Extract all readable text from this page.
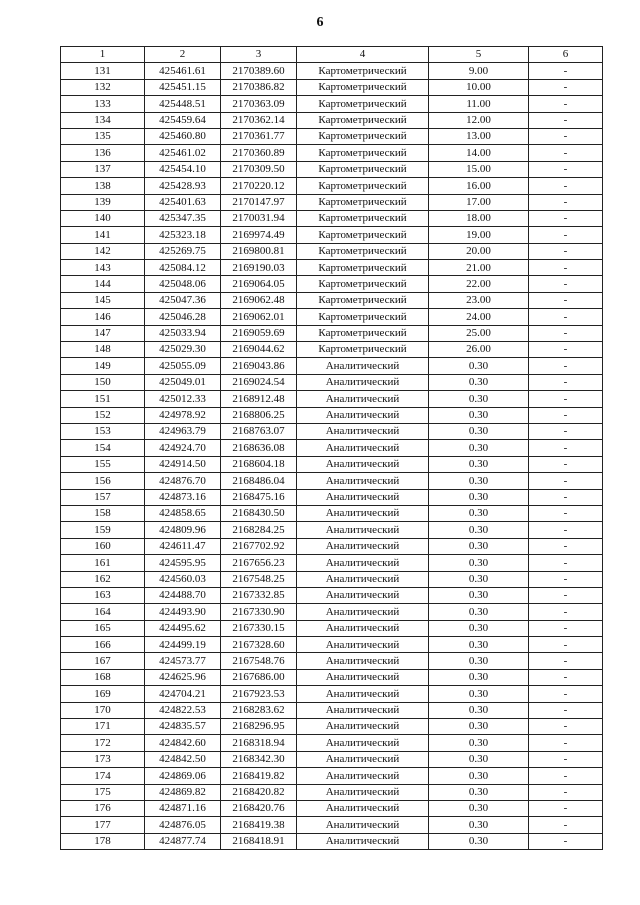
6
1	2	3	4	5	6
131	425461.61	2170389.60	Картометрический	9.00	-
132	425451.15	2170386.82	Картометрический	10.00	-
133	425448.51	2170363.09	Картометрический	11.00	-
134	425459.64	2170362.14	Картометрический	12.00	-
135	425460.80	2170361.77	Картометрический	13.00	-
136	425461.02	2170360.89	Картометрический	14.00	-
137	425454.10	2170309.50	Картометрический	15.00	-
138	425428.93	2170220.12	Картометрический	16.00	-
139	425401.63	2170147.97	Картометрический	17.00	-
140	425347.35	2170031.94	Картометрический	18.00	-
141	425323.18	2169974.49	Картометрический	19.00	-
142	425269.75	2169800.81	Картометрический	20.00	-
143	425084.12	2169190.03	Картометрический	21.00	-
144	425048.06	2169064.05	Картометрический	22.00	-
145	425047.36	2169062.48	Картометрический	23.00	-
146	425046.28	2169062.01	Картометрический	24.00	-
147	425033.94	2169059.69	Картометрический	25.00	-
148	425029.30	2169044.62	Картометрический	26.00	-
149	425055.09	2169043.86	Аналитический	0.30	-
150	425049.01	2169024.54	Аналитический	0.30	-
151	425012.33	2168912.48	Аналитический	0.30	-
152	424978.92	2168806.25	Аналитический	0.30	-
153	424963.79	2168763.07	Аналитический	0.30	-
154	424924.70	2168636.08	Аналитический	0.30	-
155	424914.50	2168604.18	Аналитический	0.30	-
156	424876.70	2168486.04	Аналитический	0.30	-
157	424873.16	2168475.16	Аналитический	0.30	-
158	424858.65	2168430.50	Аналитический	0.30	-
159	424809.96	2168284.25	Аналитический	0.30	-
160	424611.47	2167702.92	Аналитический	0.30	-
161	424595.95	2167656.23	Аналитический	0.30	-
162	424560.03	2167548.25	Аналитический	0.30	-
163	424488.70	2167332.85	Аналитический	0.30	-
164	424493.90	2167330.90	Аналитический	0.30	-
165	424495.62	2167330.15	Аналитический	0.30	-
166	424499.19	2167328.60	Аналитический	0.30	-
167	424573.77	2167548.76	Аналитический	0.30	-
168	424625.96	2167686.00	Аналитический	0.30	-
169	424704.21	2167923.53	Аналитический	0.30	-
170	424822.53	2168283.62	Аналитический	0.30	-
171	424835.57	2168296.95	Аналитический	0.30	-
172	424842.60	2168318.94	Аналитический	0.30	-
173	424842.50	2168342.30	Аналитический	0.30	-
174	424869.06	2168419.82	Аналитический	0.30	-
175	424869.82	2168420.82	Аналитический	0.30	-
176	424871.16	2168420.76	Аналитический	0.30	-
177	424876.05	2168419.38	Аналитический	0.30	-
178	424877.74	2168418.91	Аналитический	0.30	-
